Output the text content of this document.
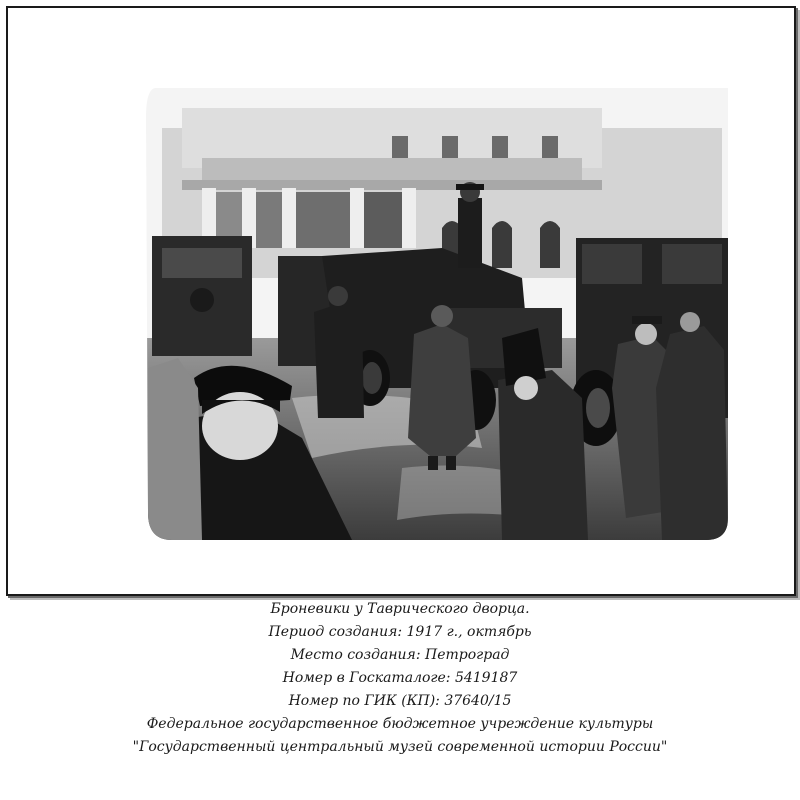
Броневики у Таврического дворца.
Период создания: 1917 г., октябрь
Место создания: Петроград
Номер в Госкаталоге: 5419187
Номер по ГИК (КП): 37640/15
Федеральное государственное бюджетное учреждение культуры
"Государственный центральный музей современной истории России"
